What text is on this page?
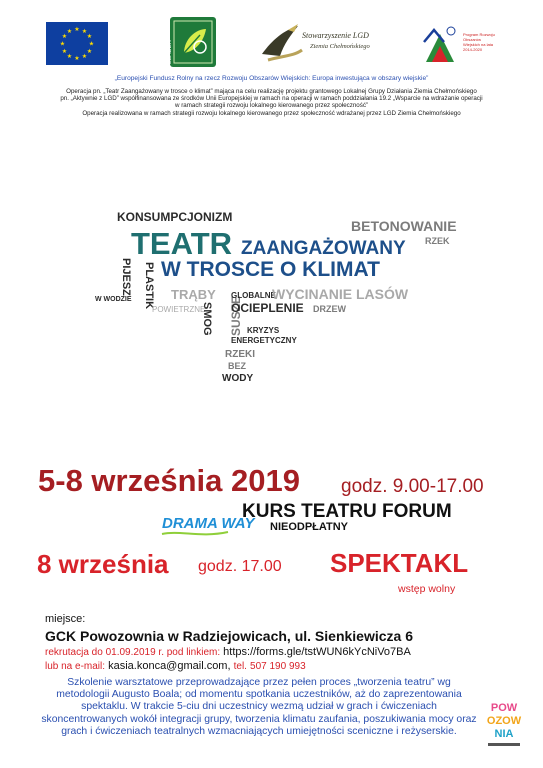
★ ★
★
★
★
★
★
★
★
★
★
★
LEADER
Stowarzyszenie LGD
Ziemia Chełmońskiego
Program Rozwoju Obszarów Wiejskich na lata 2014-2020
„Europejski Fundusz Rolny na rzecz Rozwoju Obszarów Wiejskich: Europa inwestująca w obszary wiejskie”

Operacja pn. „Teatr Zaangażowany w trosce o klimat” mająca na celu realizację projektu grantowego Lokalnej Grupy Działania Ziemia Chełmońskiego

pn. „Aktywnie z LGD” współfinansowana ze środków Unii Europejskiej w ramach na operacji w ramach poddziałania 19.2 „Wsparcie na wdrażanie operacji

w ramach strategii rozwoju lokalnego kierowanego przez społeczność”

Operacja realizowana w ramach strategii rozwoju lokalnego kierowanego przez społeczność wdrażanej przez LGD Ziemia Chełmońskiego

KONSUMPCJONIZM
BETONOWANIE
RZEK
TEATR ZAANGAŻOWANY
W TROSCE O KLIMAT
PLASTIK
PIJESZ
W WODZIE	TRĄBY
POWIETRZNE
SMOG SUSZE
GLOBALNE
OCIEPLENIE
WYCINANIE LASÓW
DRZEW
KRYZYS
ENERGETYCZNY
RZEKI
BEZ
WODY
5-8 września 2019 godz. 9.00-17.00
DRAMA WAY
KURS TEATRU FORUM
NIEODPŁATNY
8 września godz. 17.00 SPEKTAKL
wstęp wolny
miejsce:
GCK Powozownia w Radziejowicach, ul. Sienkiewicza 6
rekrutacja do 01.09.2019 r. pod linkiem: https://forms.gle/tstWUN6kYcNiVo7BA
lub na e-mail: kasia.konca@gmail.com, tel. 507 190 993
Szkolenie warsztatowe przeprowadzające przez pełen proces „tworzenia teatru” wg metodologii Augusto Boala; od momentu spotkania uczestników, aż do zaprezentowania spektaklu. W trakcie 5-ciu dni uczestnicy wezmą udział w grach i ćwiczeniach skoncentrowanych wokół integracji grupy, tworzenia klimatu zaufania, poszukiwania mocy oraz grach i ćwiczeniach teatralnych wzmacniających umiejętności sceniczne i reżyserskie.
POW
OZOW
NIA
